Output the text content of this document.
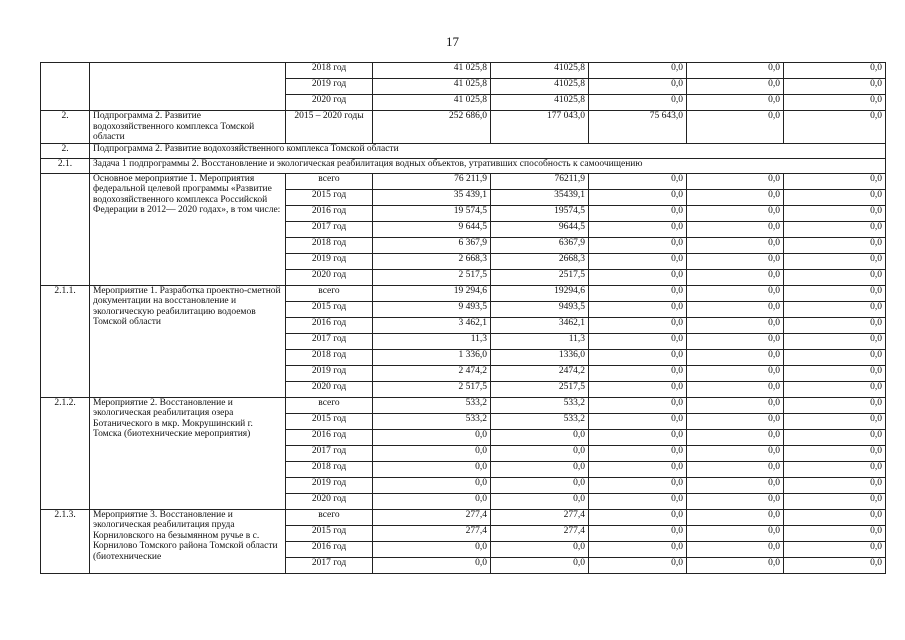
17
		2018 год	41 025,8	41025,8	0,0	0,0	0,0
		2019 год	41 025,8	41025,8	0,0	0,0	0,0
		2020 год	41 025,8	41025,8	0,0	0,0	0,0
2.	Подпрограмма 2. Развитие водохозяйственного комплекса Томской области	2015 – 2020 годы	252 686,0	177 043,0	75 643,0	0,0	0,0
2.	Подпрограмма 2. Развитие водохозяйственного комплекса Томской области						
2.1.	Задача 1 подпрограммы 2. Восстановление и экологическая реабилитация водных объектов, утративших способность к самоочищению						
	Основное мероприятие 1. Мероприятия федеральной целевой программы «Развитие водохозяйственного комплекса Российской Федерации в 2012— 2020 годах», в том числе:	всего	76 211,9	76211,9	0,0	0,0	0,0
		2015 год	35 439,1	35439,1	0,0	0,0	0,0
		2016 год	19 574,5	19574,5	0,0	0,0	0,0
		2017 год	9 644,5	9644,5	0,0	0,0	0,0
		2018 год	6 367,9	6367,9	0,0	0,0	0,0
		2019 год	2 668,3	2668,3	0,0	0,0	0,0
		2020 год	2 517,5	2517,5	0,0	0,0	0,0
2.1.1.	Мероприятие 1. Разработка проектно-сметной документации на восстановление и экологическую реабилитацию водоемов Томской области	всего	19 294,6	19294,6	0,0	0,0	0,0
		2015 год	9 493,5	9493,5	0,0	0,0	0,0
		2016 год	3 462,1	3462,1	0,0	0,0	0,0
		2017 год	11,3	11,3	0,0	0,0	0,0
		2018 год	1 336,0	1336,0	0,0	0,0	0,0
		2019 год	2 474,2	2474,2	0,0	0,0	0,0
		2020 год	2 517,5	2517,5	0,0	0,0	0,0
2.1.2.	Мероприятие 2. Восстановление и экологическая реабилитация озера Ботанического в мкр. Мокрушинский г. Томска (биотехнические мероприятия)	всего	533,2	533,2	0,0	0,0	0,0
		2015 год	533,2	533,2	0,0	0,0	0,0
		2016 год	0,0	0,0	0,0	0,0	0,0
		2017 год	0,0	0,0	0,0	0,0	0,0
		2018 год	0,0	0,0	0,0	0,0	0,0
		2019 год	0,0	0,0	0,0	0,0	0,0
		2020 год	0,0	0,0	0,0	0,0	0,0
2.1.3.	Мероприятие 3. Восстановление и экологическая реабилитация пруда Корниловского на безымянном ручье в с. Корнилово Томского района Томской области (биотехнические	всего	277,4	277,4	0,0	0,0	0,0
		2015 год	277,4	277,4	0,0	0,0	0,0
		2016 год	0,0	0,0	0,0	0,0	0,0
		2017 год	0,0	0,0	0,0	0,0	0,0
